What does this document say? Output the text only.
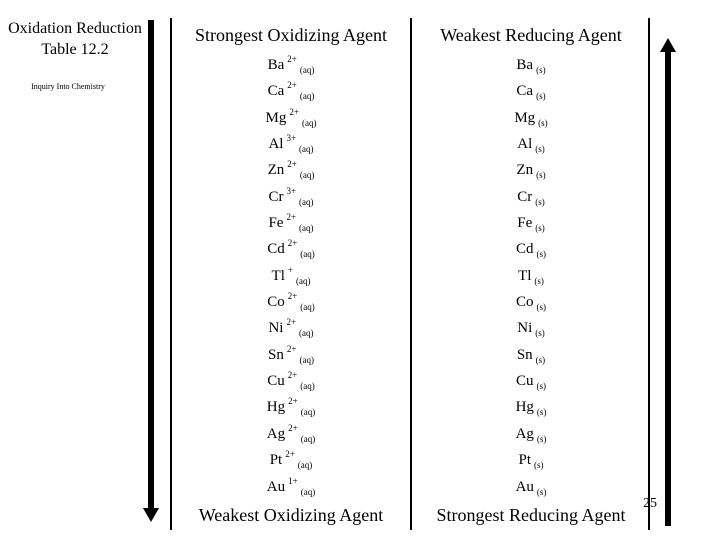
Oxidation Reduction Table 12.2
Inquiry Into Chemistry
Strongest Oxidizing Agent	Weakest Reducing Agent
Ba $^{2+}_{(aq)}$	Ba $_{(s)}$
Ca $^{2+}_{(aq)}$	Ca $_{(s)}$
Mg $^{2+}_{(aq)}$	Mg $_{(s)}$
Al $^{3+}_{(aq)}$	Al $_{(s)}$
Zn $^{2+}_{(aq)}$	Zn $_{(s)}$
Cr $^{3+}_{(aq)}$	Cr $_{(s)}$
Fe $^{2+}_{(aq)}$	Fe $_{(s)}$
Cd $^{2+}_{(aq)}$	Cd $_{(s)}$
Tl +$_{(aq)}$	Tl $_{(s)}$
Co $^{2+}_{(aq)}$	Co $_{(s)}$
Ni $^{2+}_{(aq)}$	Ni $_{(s)}$
Sn $^{2+}_{(aq)}$	Sn $_{(s)}$
Cu $^{2+}_{(aq)}$	Cu $_{(s)}$
Hg $^{2+}_{(aq)}$	Hg $_{(s)}$
Ag $^{2+}_{(aq)}$	Ag $_{(s)}$
Pt $^{2+}_{(aq)}$	Pt $_{(s)}$
Au $^{1+}_{(aq)}$	Au $_{(s)}$
Weakest Oxidizing Agent	Strongest Reducing Agent
25
